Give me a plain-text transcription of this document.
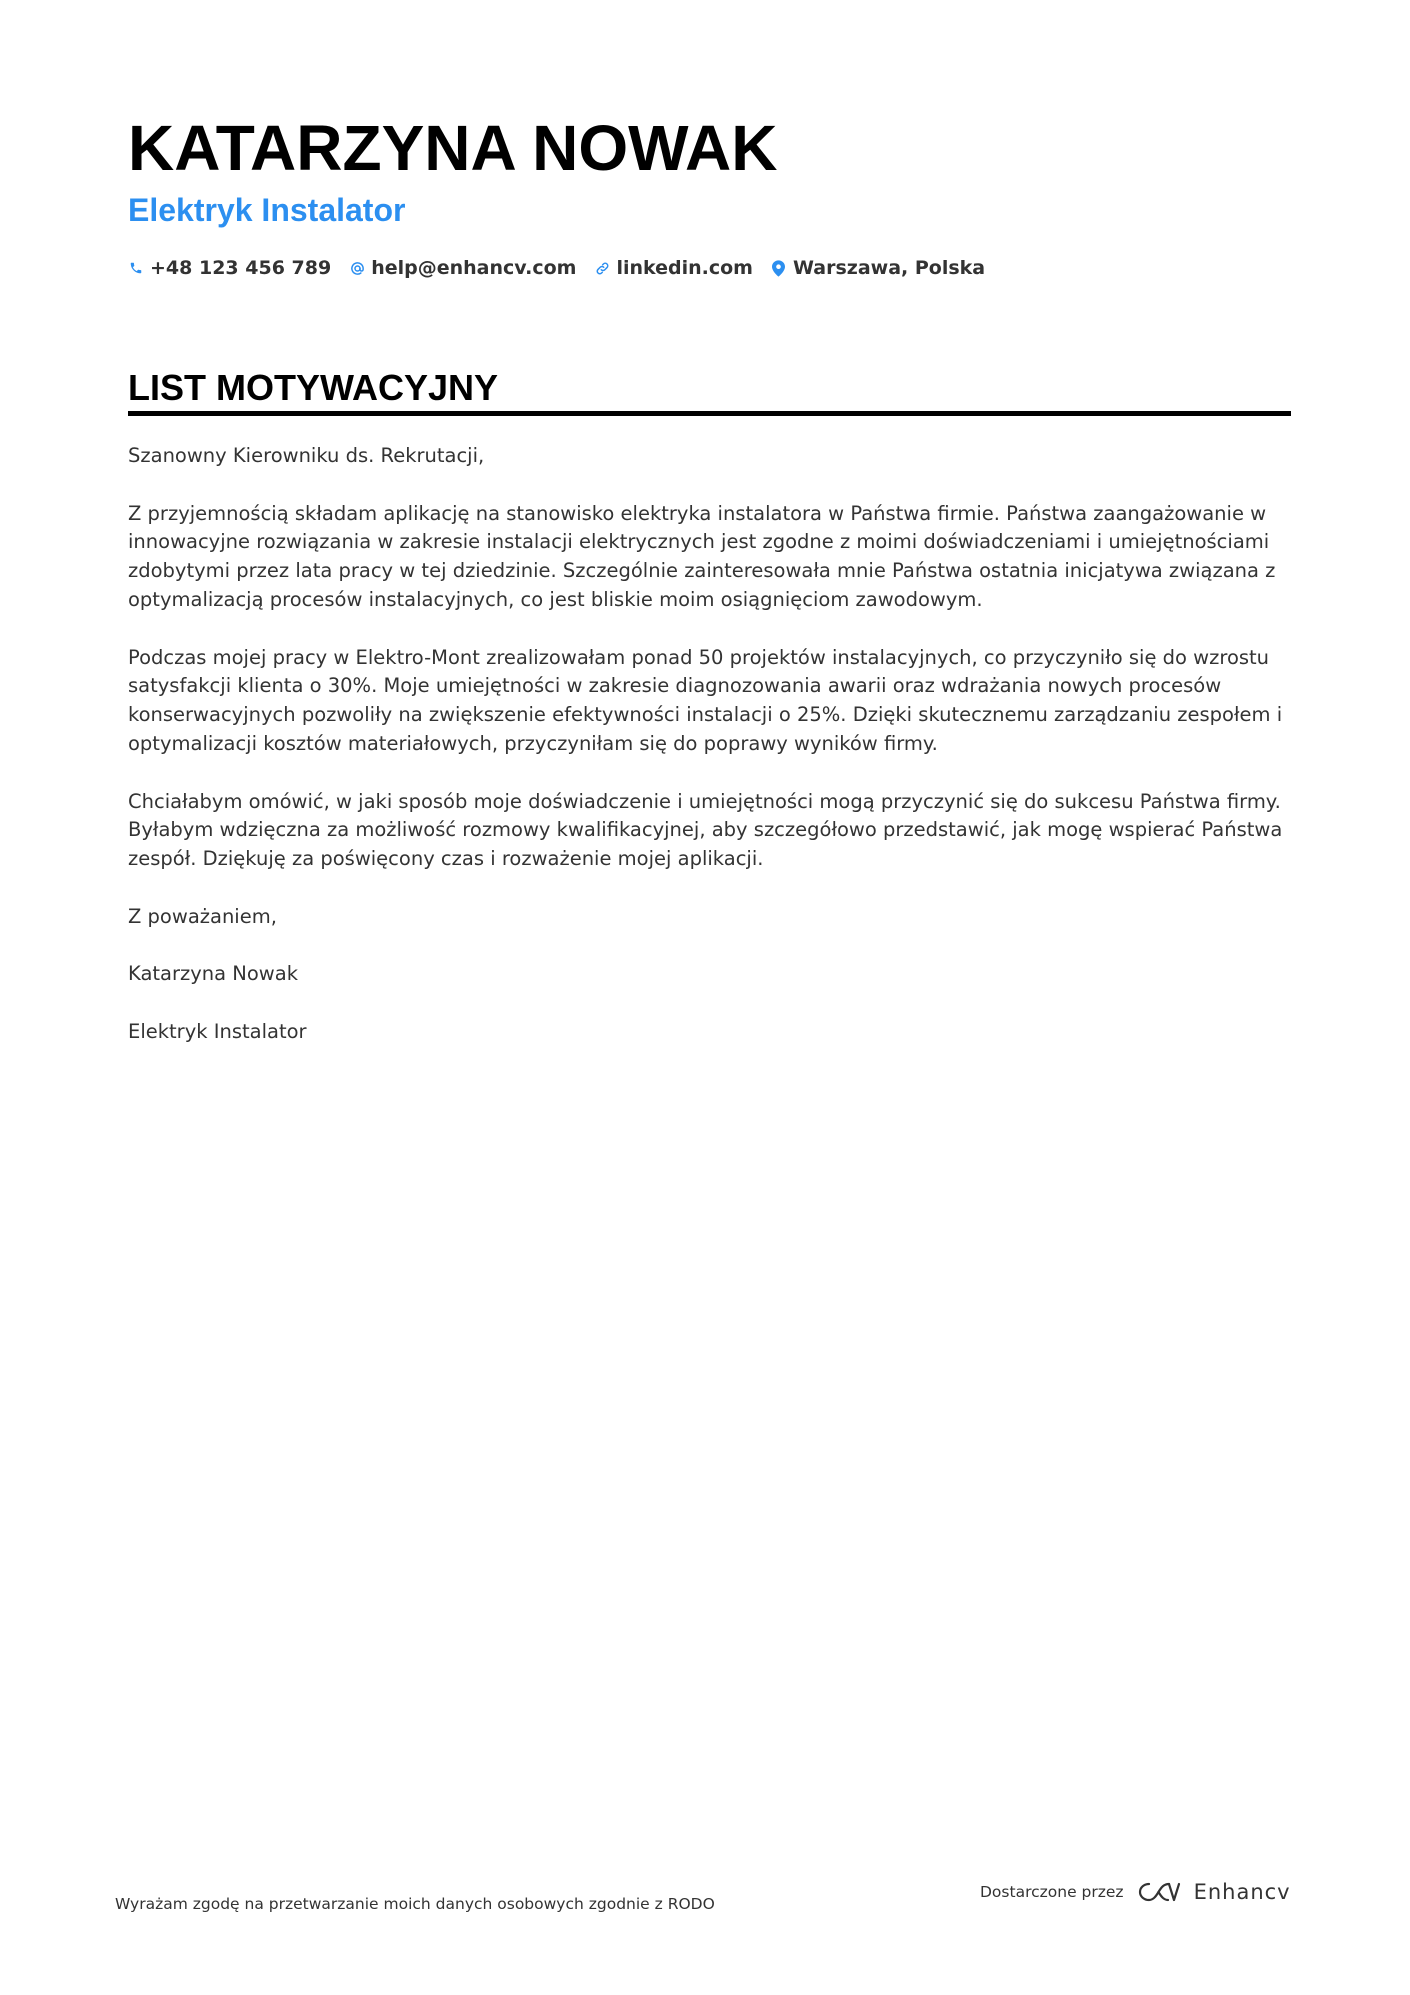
KATARZYNA NOWAK
Elektryk Instalator
+48 123 456 789 help@enhancv.com linkedin.com Warszawa, Polska
LIST MOTYWACYJNY

Szanowny Kierowniku ds. Rekrutacji,

Z przyjemnością składam aplikację na stanowisko elektryka instalatora w Państwa firmie. Państwa zaangażowanie w innowacyjne rozwiązania w zakresie instalacji elektrycznych jest zgodne z moimi doświadczeniami i umiejętnościami zdobytymi przez lata pracy w tej dziedzinie. Szczególnie zainteresowała mnie Państwa ostatnia inicjatywa związana z optymalizacją procesów instalacyjnych, co jest bliskie moim osiągnięciom zawodowym.

Podczas mojej pracy w Elektro-Mont zrealizowałam ponad 50 projektów instalacyjnych, co przyczyniło się do wzrostu satysfakcji klienta o 30%. Moje umiejętności w zakresie diagnozowania awarii oraz wdrażania nowych procesów konserwacyjnych pozwoliły na zwiększenie efektywności instalacji o 25%. Dzięki skutecznemu zarządzaniu zespołem i optymalizacji kosztów materiałowych, przyczyniłam się do poprawy wyników firmy.

Chciałabym omówić, w jaki sposób moje doświadczenie i umiejętności mogą przyczynić się do sukcesu Państwa firmy. Byłabym wdzięczna za możliwość rozmowy kwalifikacyjnej, aby szczegółowo przedstawić, jak mogę wspierać Państwa zespół. Dziękuję za poświęcony czas i rozważenie mojej aplikacji.

Z poważaniem,

Katarzyna Nowak

Elektryk Instalator

Wyrażam zgodę na przetwarzanie moich danych osobowych zgodnie z RODO
Dostarczone przez	Enhancv
